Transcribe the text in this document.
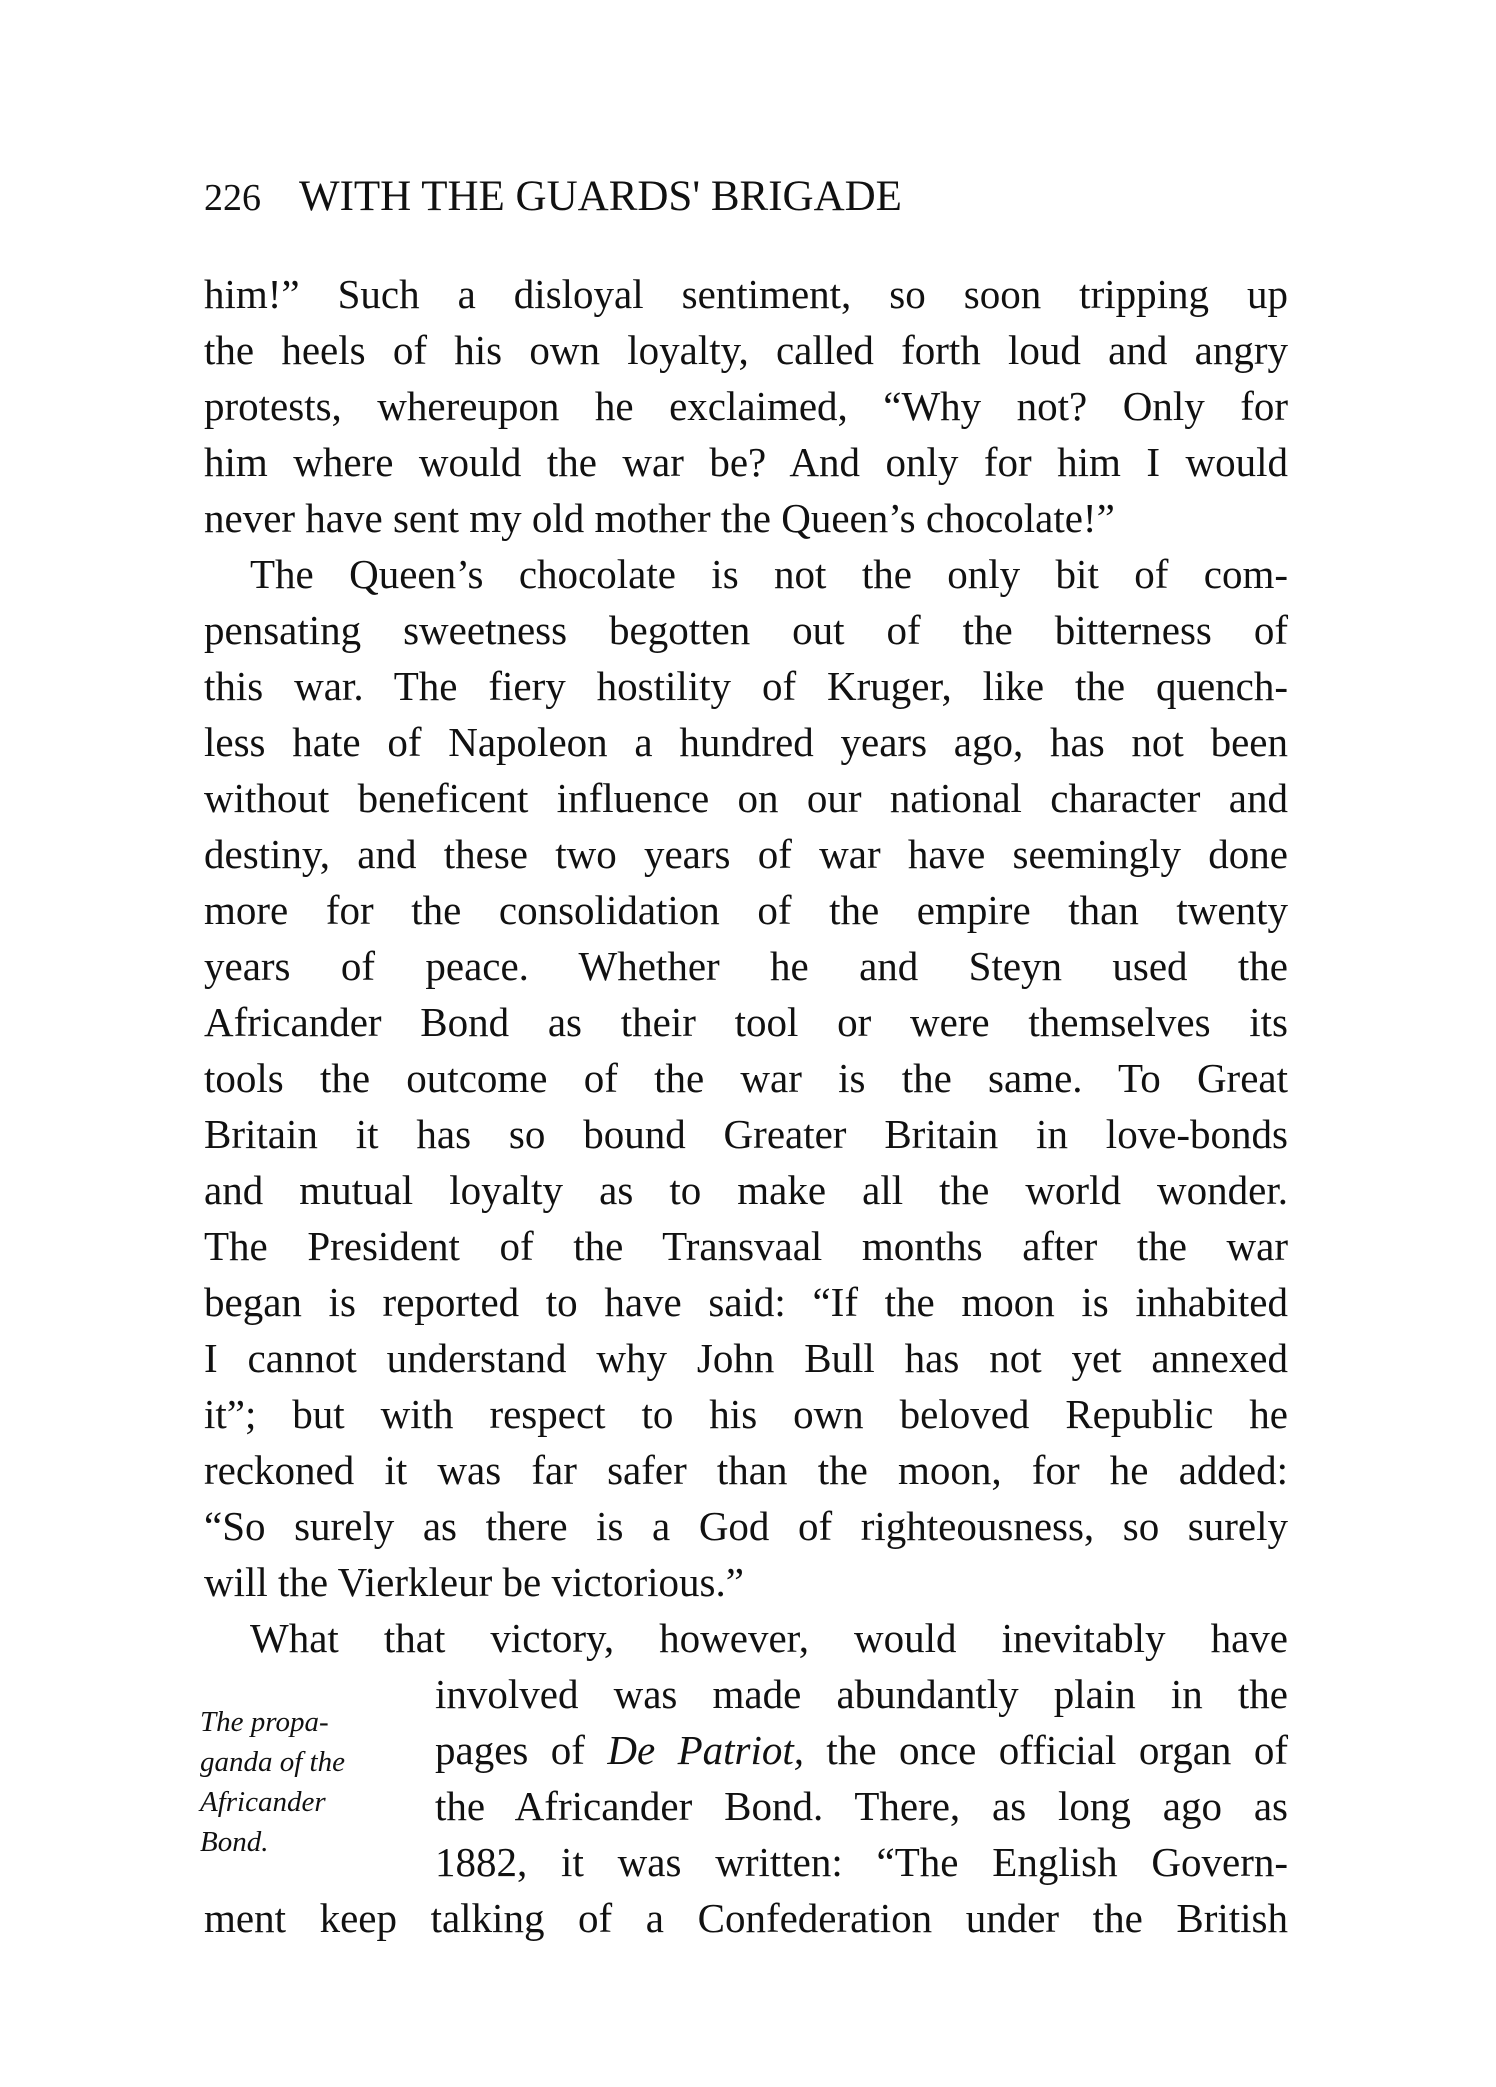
226 WITH THE GUARDS' BRIGADE
him!” Such a disloyal sentiment, so soon tripping up
the heels of his own loyalty, called forth loud and angry
protests, whereupon he exclaimed, “Why not? Only for
him where would the war be? And only for him I would
never have sent my old mother the Queen’s chocolate!”
The Queen’s chocolate is not the only bit of com-
pensating sweetness begotten out of the bitterness of
this war. The fiery hostility of Kruger, like the quench-
less hate of Napoleon a hundred years ago, has not been
without beneficent influence on our national character and
destiny, and these two years of war have seemingly done
more for the consolidation of the empire than twenty
years of peace. Whether he and Steyn used the
Africander Bond as their tool or were themselves its
tools the outcome of the war is the same. To Great
Britain it has so bound Greater Britain in love-bonds
and mutual loyalty as to make all the world wonder.
The President of the Transvaal months after the war
began is reported to have said: “If the moon is inhabited
I cannot understand why John Bull has not yet annexed
it”; but with respect to his own beloved Republic he
reckoned it was far safer than the moon, for he added:
“So surely as there is a God of righteousness, so surely
will the Vierkleur be victorious.”
What that victory, however, would inevitably have
involved was made abundantly plain in the
pages of De Patriot, the once official organ of
the Africander Bond. There, as long ago as
1882, it was written: “The English Govern-
ment keep talking of a Confederation under the British
The propa-
ganda of the
Africander
Bond.
